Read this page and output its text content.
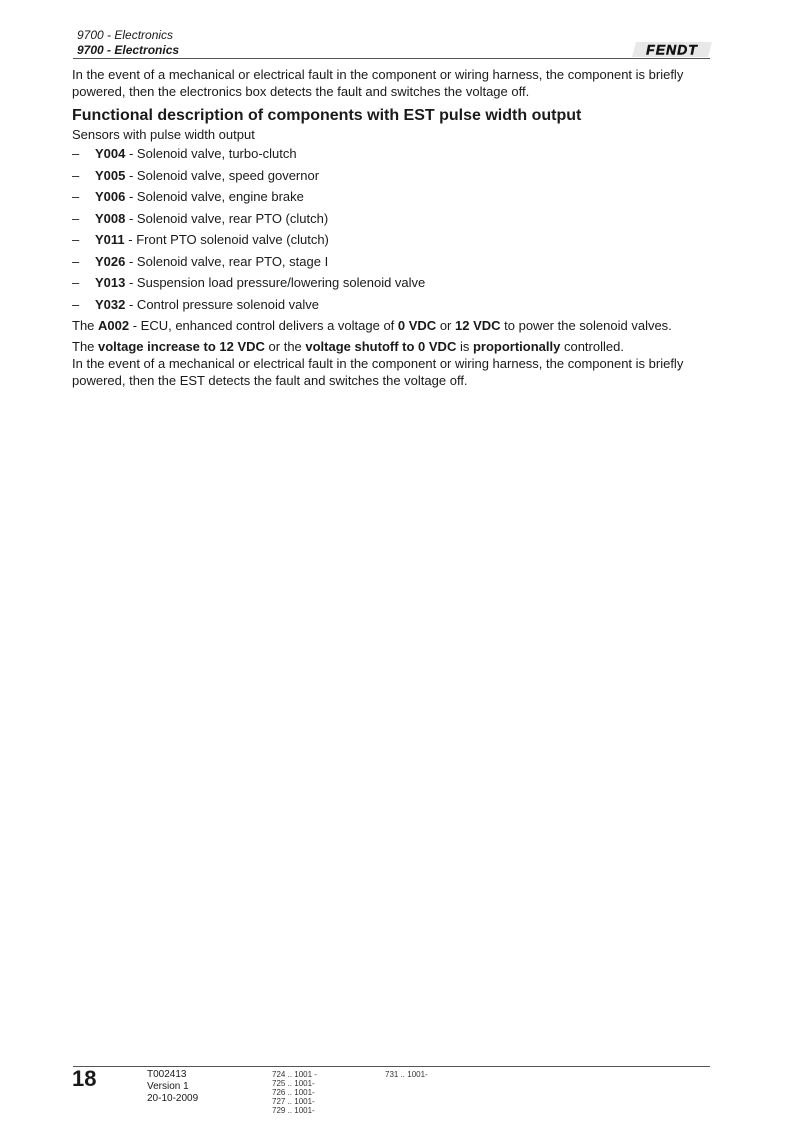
9700 - Electronics
9700 - Electronics	FENDT

In the event of a mechanical or electrical fault in the component or wiring harness, the component is briefly powered, then the electronics box detects the fault and switches the voltage off.

Functional description of components with EST pulse width output

Sensors with pulse width output

– Y004 - Solenoid valve, turbo-clutch
– Y005 - Solenoid valve, speed governor
– Y006 - Solenoid valve, engine brake
– Y008 - Solenoid valve, rear PTO (clutch)
– Y011 - Front PTO solenoid valve (clutch)
– Y026 - Solenoid valve, rear PTO, stage I
– Y013 - Suspension load pressure/lowering solenoid valve
– Y032 - Control pressure solenoid valve

The A002 - ECU, enhanced control delivers a voltage of 0 VDC or 12 VDC to power the solenoid valves.

The voltage increase to 12 VDC or the voltage shutoff to 0 VDC is proportionally controlled.

In the event of a mechanical or electrical fault in the component or wiring harness, the component is briefly powered, then the EST detects the fault and switches the voltage off.

18	T002413
Version 1
20-10-2009
724 .. 1001 -
725 .. 1001-
726 .. 1001-
727 .. 1001-
729 .. 1001-
731 .. 1001-
